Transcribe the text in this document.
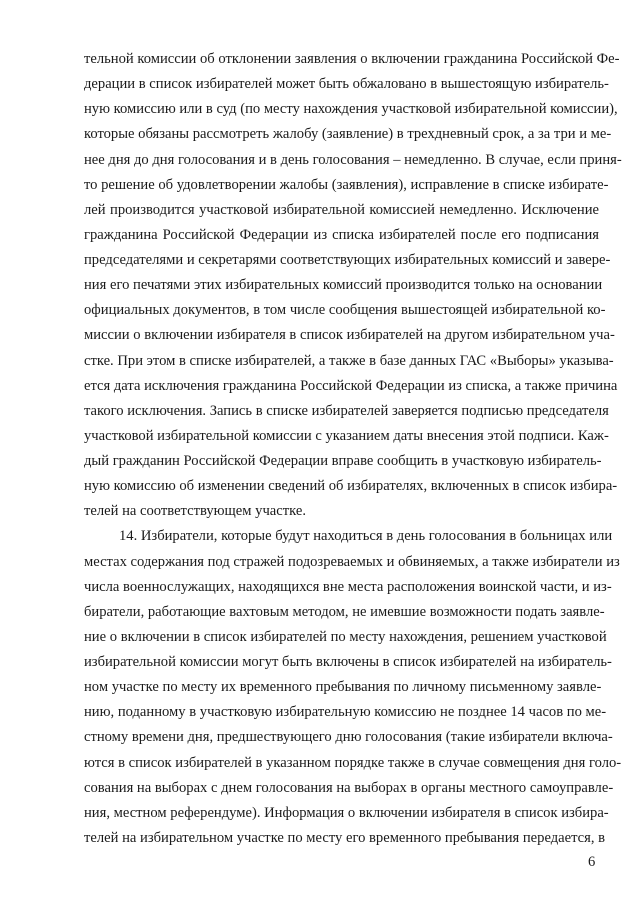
тельной комиссии об отклонении заявления о включении гражданина Российской Фе-
дерации в список избирателей может быть обжаловано в вышестоящую избиратель-
ную комиссию или в суд (по месту нахождения участковой избирательной комиссии),
которые обязаны рассмотреть жалобу (заявление) в трехдневный срок, а за три и ме-
нее дня до дня голосования и в день голосования – немедленно. В случае, если приня-
то решение об удовлетворении жалобы (заявления), исправление в списке избирате-
лей производится участковой избирательной комиссией немедленно. Исключение
гражданина Российской Федерации из списка избирателей после его подписания
председателями и секретарями соответствующих избирательных комиссий и завере-
ния его печатями этих избирательных комиссий производится только на основании
официальных документов, в том числе сообщения вышестоящей избирательной ко-
миссии о включении избирателя в список избирателей на другом избирательном уча-
стке. При этом в списке избирателей, а также в базе данных ГАС «Выборы» указыва-
ется дата исключения гражданина Российской Федерации из списка, а также причина
такого исключения. Запись в списке избирателей заверяется подписью председателя
участковой избирательной комиссии с указанием даты внесения этой подписи. Каж-
дый гражданин Российской Федерации вправе сообщить в участковую избиратель-
ную комиссию об изменении сведений об избирателях, включенных в список избира-
телей на соответствующем участке.
14. Избиратели, которые будут находиться в день голосования в больницах или
местах содержания под стражей подозреваемых и обвиняемых, а также избиратели из
числа военнослужащих, находящихся вне места расположения воинской части, и из-
биратели, работающие вахтовым методом, не имевшие возможности подать заявле-
ние о включении в список избирателей по месту нахождения, решением участковой
избирательной комиссии могут быть включены в список избирателей на избиратель-
ном участке по месту их временного пребывания по личному письменному заявле-
нию, поданному в участковую избирательную комиссию не позднее 14 часов по ме-
стному времени дня, предшествующего дню голосования (такие избиратели включа-
ются в список избирателей в указанном порядке также в случае совмещения дня голо-
сования на выборах с днем голосования на выборах в органы местного самоуправле-
ния, местном референдуме). Информация о включении избирателя в список избира-
телей на избирательном участке по месту его временного пребывания передается, в
6
